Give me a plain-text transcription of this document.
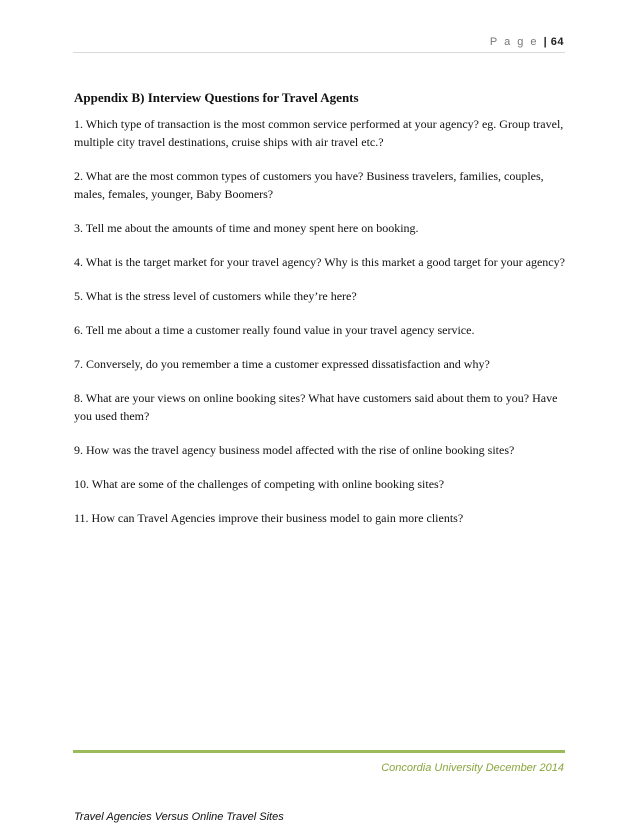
P a g e | 64
Appendix B) Interview Questions for Travel Agents

1. Which type of transaction is the most common service performed at your agency? eg. Group travel, multiple city travel destinations, cruise ships with air travel etc.?

2. What are the most common types of customers you have? Business travelers, families, couples, males, females, younger, Baby Boomers?

3. Tell me about the amounts of time and money spent here on booking.

4. What is the target market for your travel agency? Why is this market a good target for your agency?

5. What is the stress level of customers while they’re here?

6. Tell me about a time a customer really found value in your travel agency service.

7. Conversely, do you remember a time a customer expressed dissatisfaction and why?

8. What are your views on online booking sites? What have customers said about them to you? Have you used them?

9. How was the travel agency business model affected with the rise of online booking sites?

10. What are some of the challenges of competing with online booking sites?

11. How can Travel Agencies improve their business model to gain more clients?

Concordia University December 2014
Travel Agencies Versus Online Travel Sites
